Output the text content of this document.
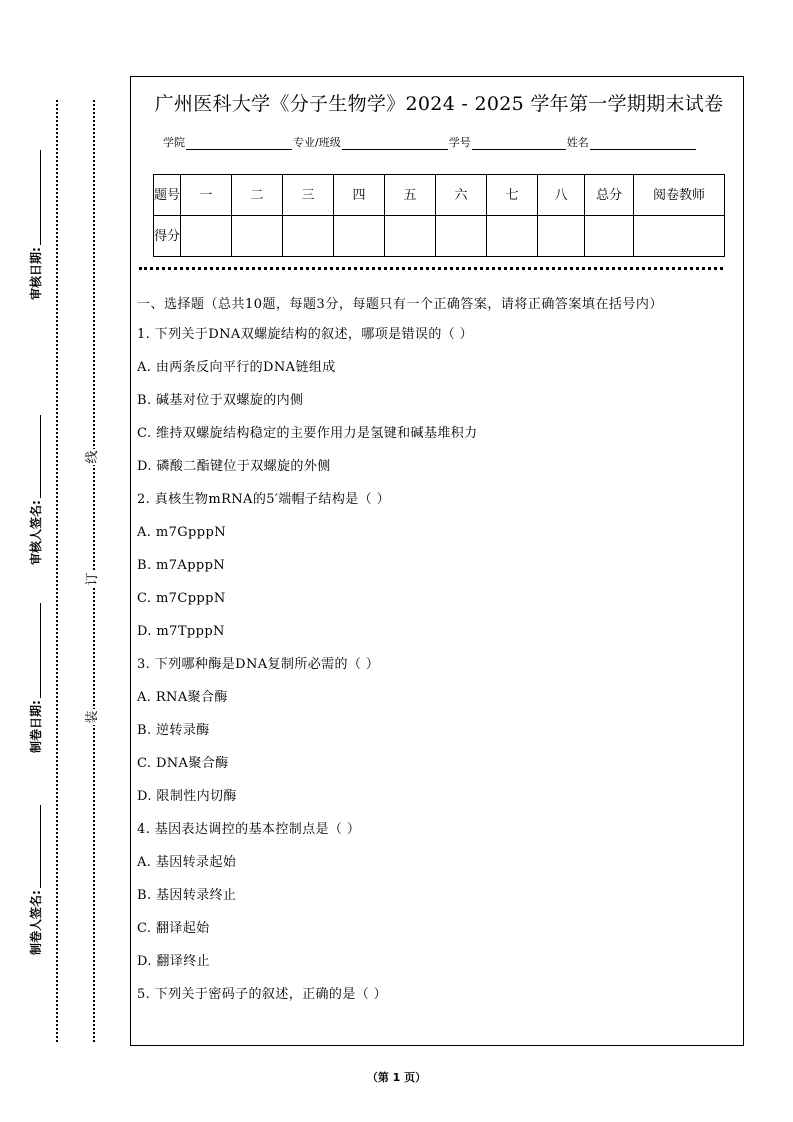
线
订
装
审核日期:
审核人签名:
制卷日期:
制卷人签名:
广州医科大学《分子生物学》2024 - 2025 学年第一学期期末试卷
学院	专业/班级	学号	姓名
题号	一	二	三	四	五	六	七	八	总分	阅卷教师
得分										
一、选择题（总共10题，每题3分，每题只有一个正确答案，请将正确答案填在括号内）
1. 下列关于DNA双螺旋结构的叙述，哪项是错误的（ ）
A. 由两条反向平行的DNA链组成
B. 碱基对位于双螺旋的内侧
C. 维持双螺旋结构稳定的主要作用力是氢键和碱基堆积力
D. 磷酸二酯键位于双螺旋的外侧
2. 真核生物mRNA的5′端帽子结构是（ ）
A. m7GpppN
B. m7ApppN
C. m7CpppN
D. m7TpppN
3. 下列哪种酶是DNA复制所必需的（ ）
A. RNA聚合酶
B. 逆转录酶
C. DNA聚合酶
D. 限制性内切酶
4. 基因表达调控的基本控制点是（ ）
A. 基因转录起始
B. 基因转录终止
C. 翻译起始
D. 翻译终止
5. 下列关于密码子的叙述，正确的是（ ）
（第 1 页）
